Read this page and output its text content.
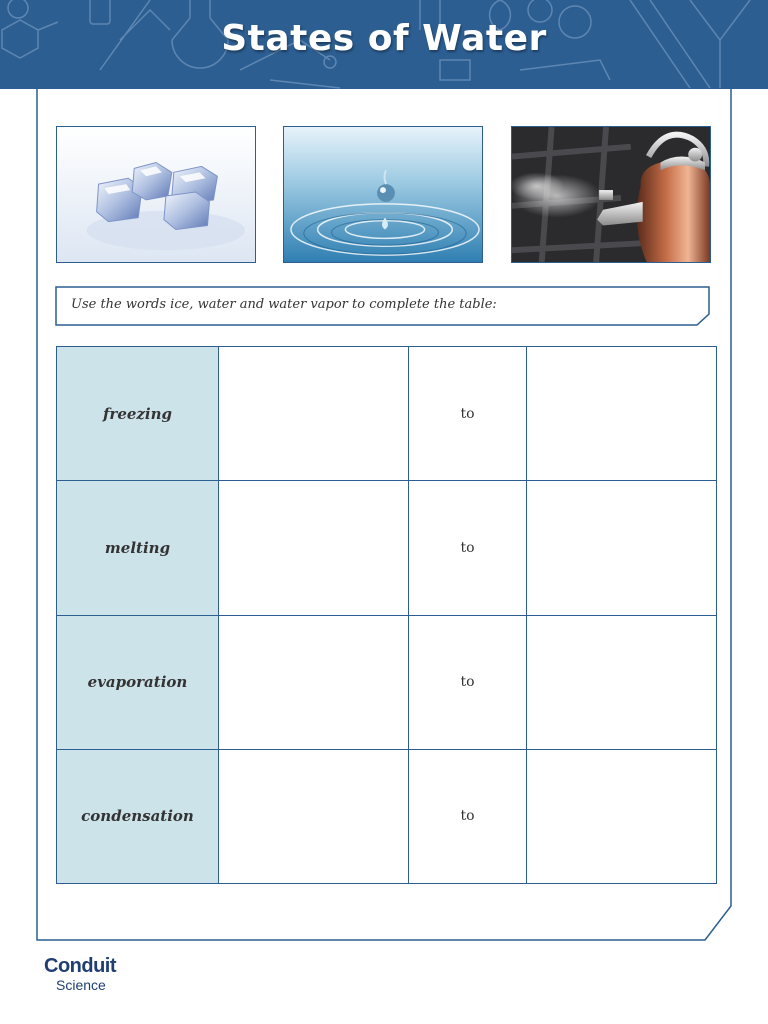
States of Water
Use the words ice, water and water vapor to complete the table:
freezing		to	
melting		to	
evaporation		to	
condensation		to	
Conduit
Science
